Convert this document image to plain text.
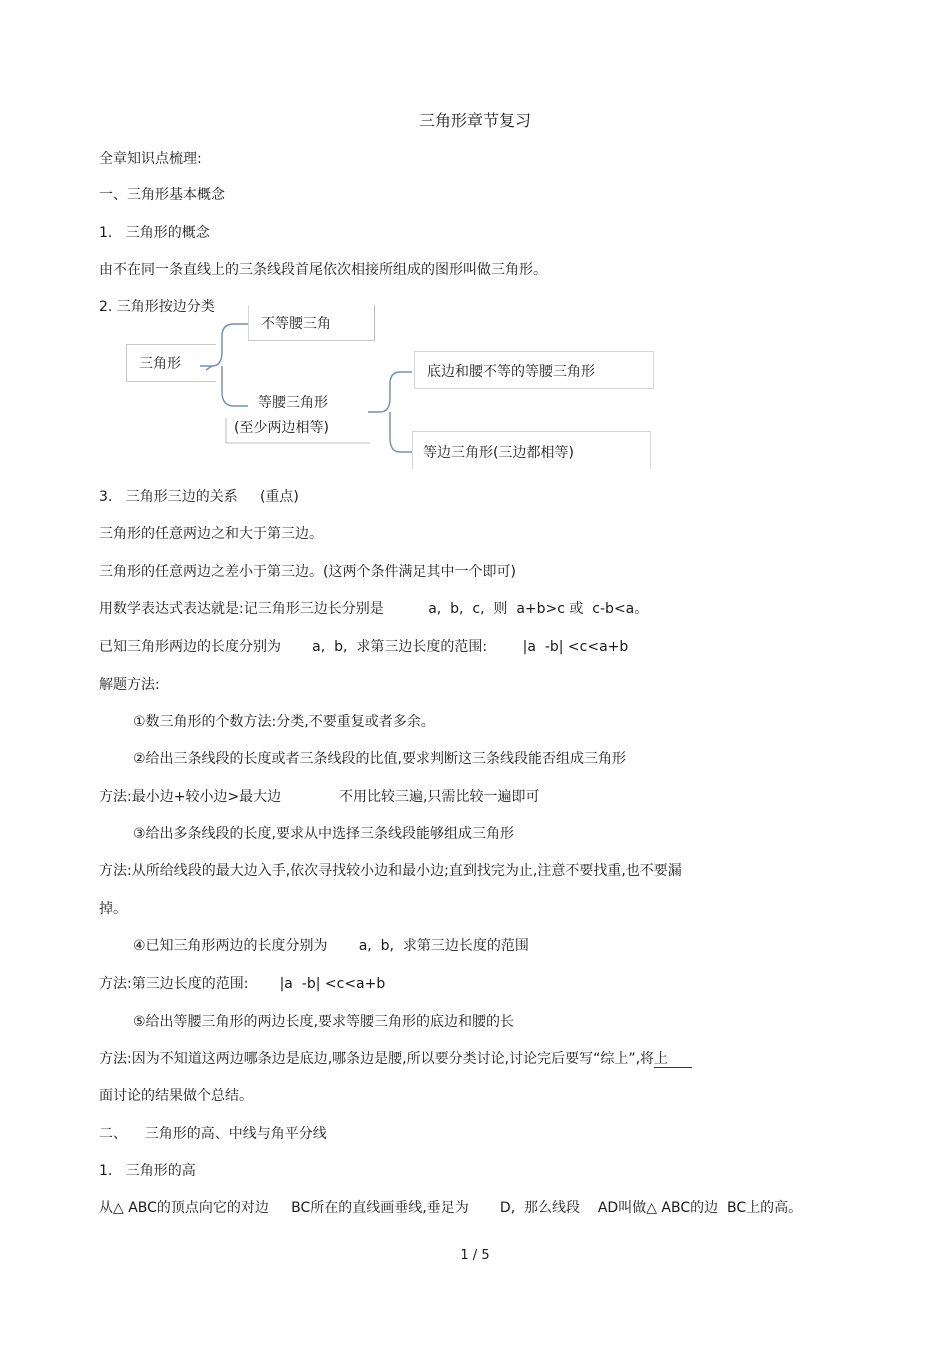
三角形章节复习
全章知识点梳理:
一、三角形基本概念
1.   三角形的概念
由不在同一条直线上的三条线段首尾依次相接所组成的图形叫做三角形。
2. 三角形按边分类

三角形

不等腰三角

等腰三角形

(至少两边相等)

底边和腰不等的等腰三角形

等边三角形(三边都相等)

3.   三角形三边的关系     (重点)
三角形的任意两边之和大于第三边。
三角形的任意两边之差小于第三边。(这两个条件满足其中一个即可)
用数学表达式表达就是:记三角形三边长分别是          a,  b,  c,  则  a+b>c 或  c-b<a。
已知三角形两边的长度分别为       a,  b,  求第三边长度的范围:        |a  -b| <c<a+b
解题方法:
①数三角形的个数方法:分类,不要重复或者多余。
②给出三条线段的长度或者三条线段的比值,要求判断这三条线段能否组成三角形
方法:最小边+较小边>最大边             不用比较三遍,只需比较一遍即可
③给出多条线段的长度,要求从中选择三条线段能够组成三角形
方法:从所给线段的最大边入手,依次寻找较小边和最小边;直到找完为止,注意不要找重,也不要漏
掉。
④已知三角形两边的长度分别为       a,  b,  求第三边长度的范围
方法:第三边长度的范围:       |a  -b| <c<a+b
⑤给出等腰三角形的两边长度,要求等腰三角形的底边和腰的长
方法:因为不知道这两边哪条边是底边,哪条边是腰,所以要分类讨论,讨论完后要写“综上”,将上
面讨论的结果做个总结。
二、    三角形的高、中线与角平分线
1.   三角形的高
从△ ABC的顶点向它的对边     BC所在的直线画垂线,垂足为       D,  那么线段    AD叫做△ ABC的边  BC上的高。
1 / 5
